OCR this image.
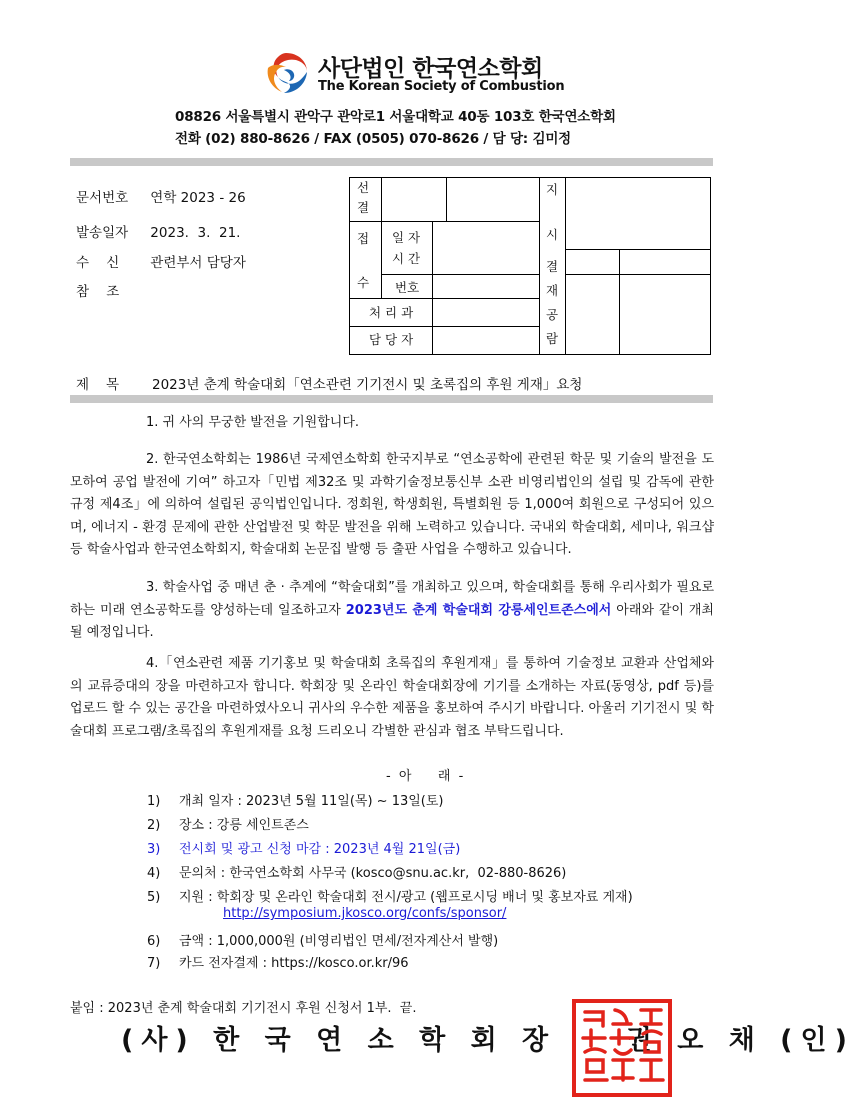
사단법인 한국연소학회
The Korean Society of Combustion
08826 서울특별시 관악구 관악로1 서울대학교 40동 103호 한국연소학회
전화 (02) 880-8626 / FAX (0505) 070-8626 / 담 당: 김미정
문서번호 연학 2023 - 26
발송일자 2023.  3.  21.
수    신 관련부서 담당자
참    조
선
결
접
수
일 자
시 간
번호
처 리 과
담 당 자
지
시
결
재
공
람
제목 2023년 춘계 학술대회「연소관련 기기전시 및 초록집의 후원 게재」요청
1. 귀 사의 무궁한 발전을 기원합니다.
2. 한국연소학회는 1986년 국제연소학회 한국지부로 “연소공학에 관련된 학문 및 기술의 발전을 도모하여 공업 발전에 기여” 하고자「민법 제32조 및 과학기술정보통신부 소관 비영리법인의 설립 및 감독에 관한 규정 제4조」에 의하여 설립된 공익법인입니다. 정회원, 학생회원, 특별회원 등 1,000여 회원으로 구성되어 있으며, 에너지 - 환경 문제에 관한 산업발전 및 학문 발전을 위해 노력하고 있습니다. 국내외 학술대회, 세미나, 워크샵 등 학술사업과 한국연소학회지, 학술대회 논문집 발행 등 출판 사업을 수행하고 있습니다.
3. 학술사업 중 매년 춘 · 추계에 “학술대회”를 개최하고 있으며, 학술대회를 통해 우리사회가 필요로 하는 미래 연소공학도를 양성하는데 일조하고자 2023년도 춘계 학술대회 강릉세인트존스에서 아래와 같이 개최될 예정입니다.
4.「연소관련 제품 기기홍보 및 학술대회 초록집의 후원게재」를 통하여 기술정보 교환과 산업체와의 교류증대의 장을 마련하고자 합니다. 학회장 및 온라인 학술대회장에 기기를 소개하는 자료(동영상, pdf 등)를 업로드 할 수 있는 공간을 마련하였사오니 귀사의 우수한 제품을 홍보하여 주시기 바랍니다. 아울러 기기전시 및 학술대회 프로그램/초록집의 후원게재를 요청 드리오니 각별한 관심과 협조 부탁드립니다.
- 아    래 -
1) 개최 일자 : 2023년 5월 11일(목) ~ 13일(토)
2) 장소 : 강릉 세인트존스
3) 전시회 및 광고 신청 마감 : 2023년 4월 21일(금)
4) 문의처 : 한국연소학회 사무국 (kosco@snu.ac.kr,  02-880-8626)
5) 지원 : 학회장 및 온라인 학술대회 전시/광고 (웹프로시딩 배너 및 홍보자료 게재)
http://symposium.jkosco.org/confs/sponsor/
6) 금액 : 1,000,000원 (비영리법인 면세/전자계산서 발행)
7) 카드 전자결제 : https://kosco.or.kr/96
붙임 : 2023년 춘계 학술대회 기기전시 후원 신청서 1부.  끝.
(사) 한 국 연 소 학 회 장    권 오 채 (인)
